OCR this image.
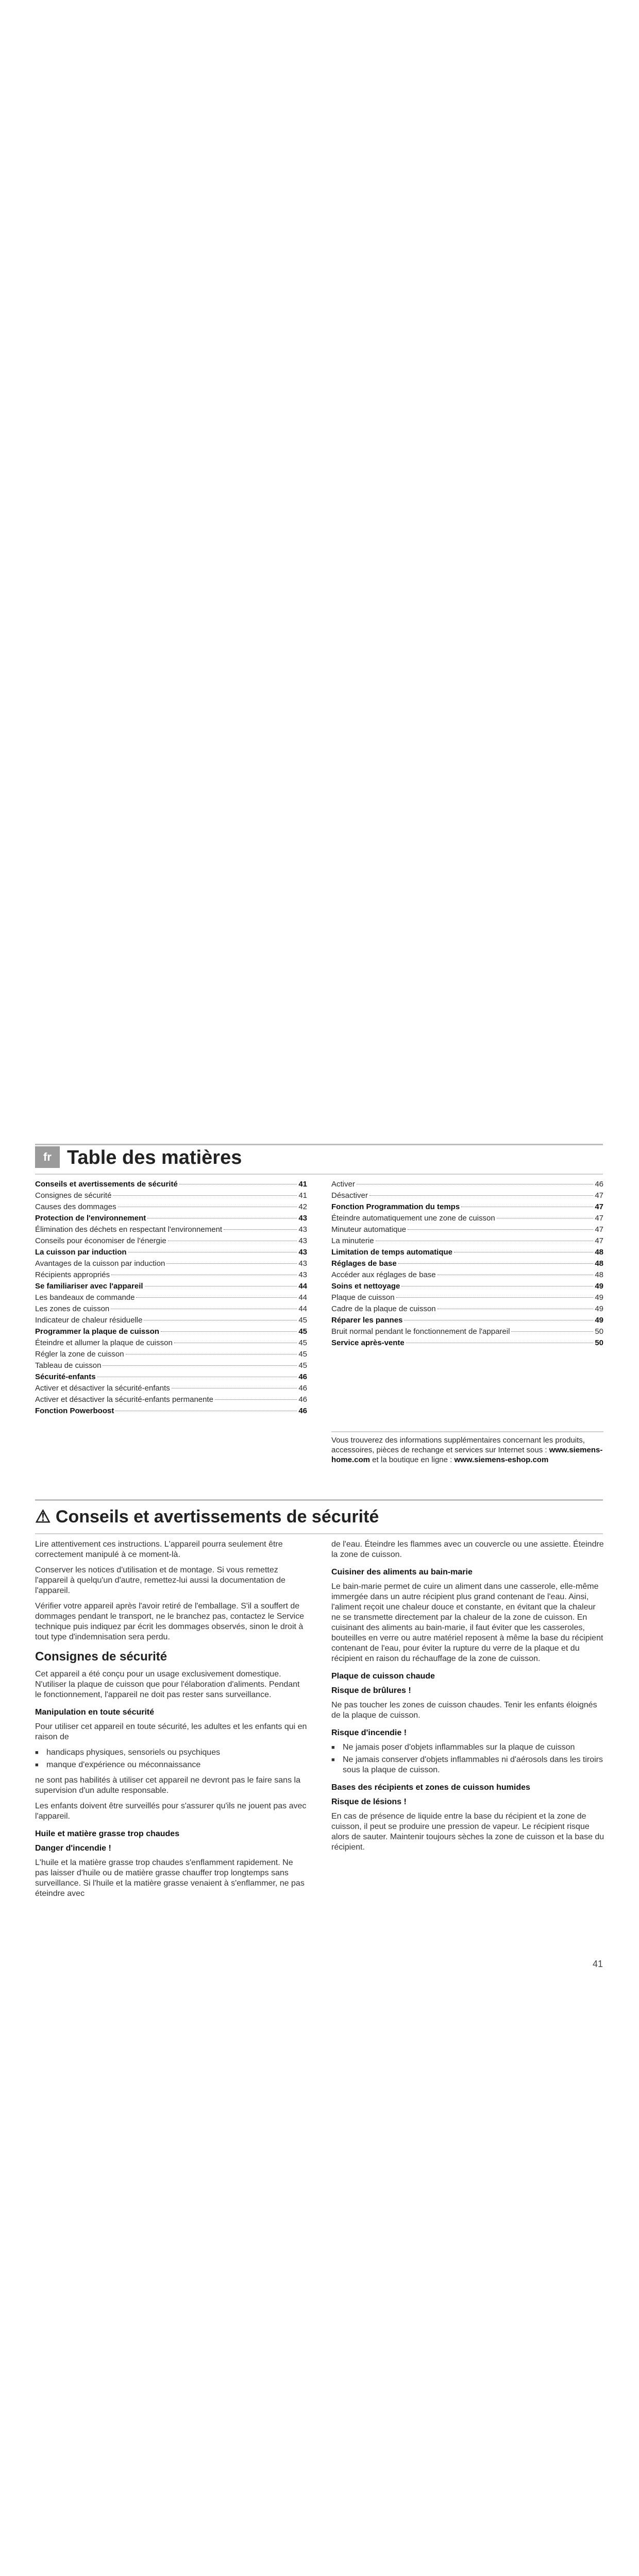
fr Table des matières
Conseils et avertissements de sécurité	41
Consignes de sécurité	41
Causes des dommages	42
Protection de l'environnement	43
Élimination des déchets en respectant l'environnement	43
Conseils pour économiser de l'énergie	43
La cuisson par induction	43
Avantages de la cuisson par induction	43
Récipients appropriés	43
Se familiariser avec l'appareil	44
Les bandeaux de commande	44
Les zones de cuisson	44
Indicateur de chaleur résiduelle	45
Programmer la plaque de cuisson	45
Éteindre et allumer la plaque de cuisson	45
Régler la zone de cuisson	45
Tableau de cuisson	45
Sécurité-enfants	46
Activer et désactiver la sécurité-enfants	46
Activer et désactiver la sécurité-enfants permanente	46
Fonction Powerboost	46
Activer	46
Désactiver	47
Fonction Programmation du temps	47
Éteindre automatiquement une zone de cuisson	47
Minuteur automatique	47
La minuterie	47
Limitation de temps automatique	48
Réglages de base	48
Accéder aux réglages de base	48
Soins et nettoyage	49
Plaque de cuisson	49
Cadre de la plaque de cuisson	49
Réparer les pannes	49
Bruit normal pendant le fonctionnement de l'appareil	50
Service après-vente	50
Vous trouverez des informations supplémentaires concernant les produits, accessoires, pièces de rechange et services sur Internet sous : www.siemens-home.com et la boutique en ligne : www.siemens-eshop.com
⚠ Conseils et avertissements de sécurité

Lire attentivement ces instructions. L'appareil pourra seulement être correctement manipulé à ce moment-là.

Conserver les notices d'utilisation et de montage. Si vous remettez l'appareil à quelqu'un d'autre, remettez-lui aussi la documentation de l'appareil.

Vérifier votre appareil après l'avoir retiré de l'emballage. S'il a souffert de dommages pendant le transport, ne le branchez pas, contactez le Service technique puis indiquez par écrit les dommages observés, sinon le droit à tout type d'indemnisation sera perdu.

Consignes de sécurité

Cet appareil a été conçu pour un usage exclusivement domestique. N'utiliser la plaque de cuisson que pour l'élaboration d'aliments. Pendant le fonctionnement, l'appareil ne doit pas rester sans surveillance.

Manipulation en toute sécurité

Pour utiliser cet appareil en toute sécurité, les adultes et les enfants qui en raison de

■ handicaps physiques, sensoriels ou psychiques
■ manque d'expérience ou méconnaissance

ne sont pas habilités à utiliser cet appareil ne devront pas le faire sans la supervision d'un adulte responsable.

Les enfants doivent être surveillés pour s'assurer qu'ils ne jouent pas avec l'appareil.

Huile et matière grasse trop chaudes
Danger d'incendie !

L'huile et la matière grasse trop chaudes s'enflamment rapidement. Ne pas laisser d'huile ou de matière grasse chauffer trop longtemps sans surveillance. Si l'huile et la matière grasse venaient à s'enflammer, ne pas éteindre avec

de l'eau. Éteindre les flammes avec un couvercle ou une assiette. Éteindre la zone de cuisson.

Cuisiner des aliments au bain-marie

Le bain-marie permet de cuire un aliment dans une casserole, elle-même immergée dans un autre récipient plus grand contenant de l'eau. Ainsi, l'aliment reçoit une chaleur douce et constante, en évitant que la chaleur ne se transmette directement par la chaleur de la zone de cuisson. En cuisinant des aliments au bain-marie, il faut éviter que les casseroles, bouteilles en verre ou autre matériel reposent à même la base du récipient contenant de l'eau, pour éviter la rupture du verre de la plaque et du récipient en raison du réchauffage de la zone de cuisson.

Plaque de cuisson chaude
Risque de brûlures !

Ne pas toucher les zones de cuisson chaudes. Tenir les enfants éloignés de la plaque de cuisson.

Risque d'incendie !
■ Ne jamais poser d'objets inflammables sur la plaque de cuisson
■ Ne jamais conserver d'objets inflammables ni d'aérosols dans les tiroirs sous la plaque de cuisson.
Bases des récipients et zones de cuisson humides
Risque de lésions !

En cas de présence de liquide entre la base du récipient et la zone de cuisson, il peut se produire une pression de vapeur. Le récipient risque alors de sauter. Maintenir toujours sèches la zone de cuisson et la base du récipient.

41
